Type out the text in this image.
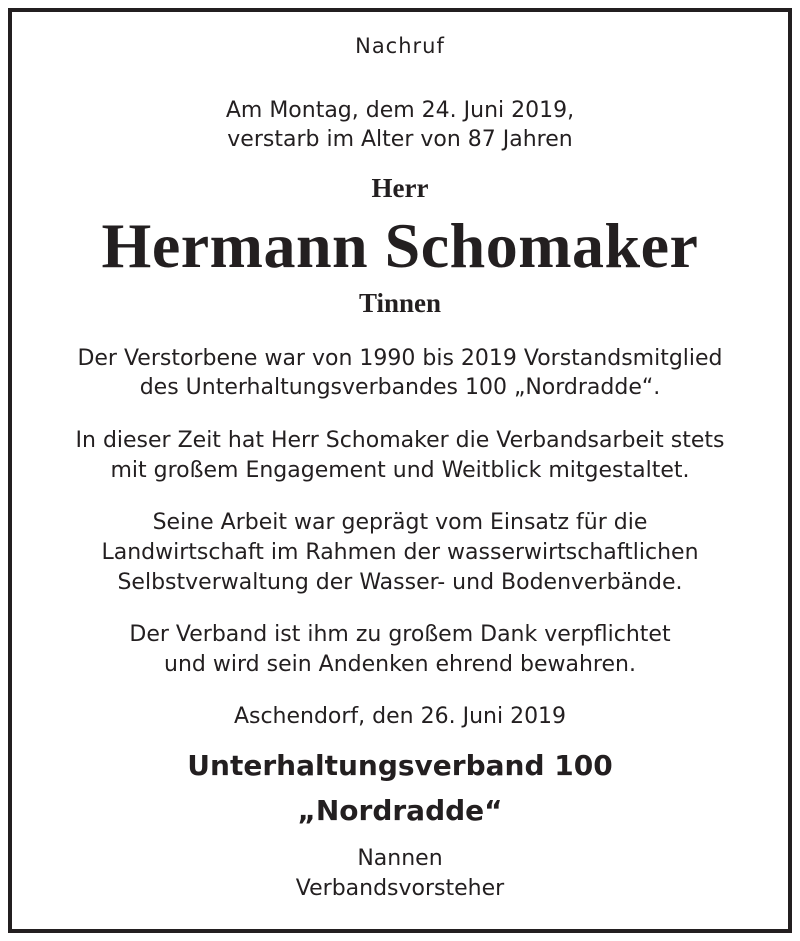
Nachruf
Am Montag, dem 24. Juni 2019,
verstarb im Alter von 87 Jahren
Herr
Hermann Schomaker
Tinnen
Der Verstorbene war von 1990 bis 2019 Vorstandsmitglied
des Unterhaltungsverbandes 100 „Nordradde“.
In dieser Zeit hat Herr Schomaker die Verbandsarbeit stets
mit großem Engagement und Weitblick mitgestaltet.
Seine Arbeit war geprägt vom Einsatz für die
Landwirtschaft im Rahmen der wasserwirtschaftlichen
Selbstverwaltung der Wasser- und Bodenverbände.
Der Verband ist ihm zu großem Dank verpflichtet
und wird sein Andenken ehrend bewahren.
Aschendorf, den 26. Juni 2019
Unterhaltungsverband 100
„Nordradde“
Nannen
Verbandsvorsteher
